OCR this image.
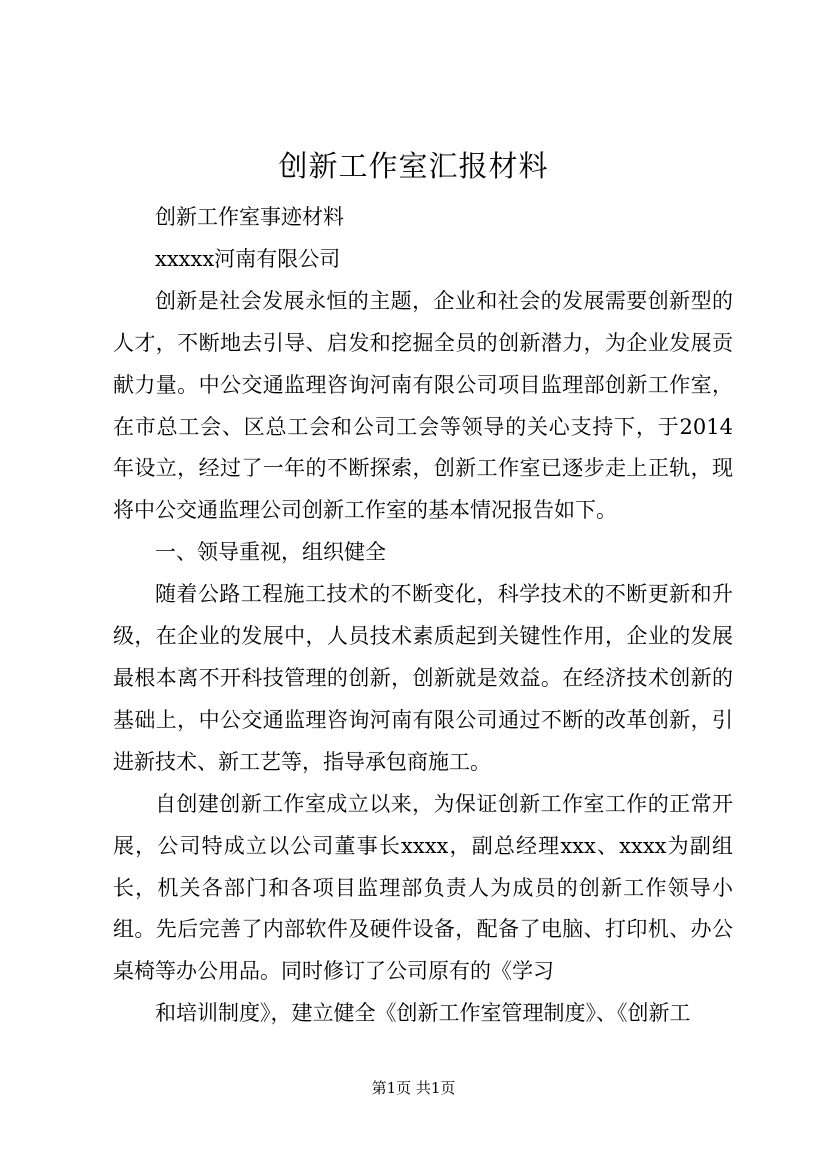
创新工作室汇报材料

创新工作室事迹材料

xxxxx河南有限公司

创新是社会发展永恒的主题，企业和社会的发展需要创新型的人才，不断地去引导、启发和挖掘全员的创新潜力，为企业发展贡献力量。中公交通监理咨询河南有限公司项目监理部创新工作室，在市总工会、区总工会和公司工会等领导的关心支持下，于2014年设立，经过了一年的不断探索，创新工作室已逐步走上正轨，现将中公交通监理公司创新工作室的基本情况报告如下。

一、领导重视，组织健全

随着公路工程施工技术的不断变化，科学技术的不断更新和升级，在企业的发展中，人员技术素质起到关键性作用，企业的发展最根本离不开科技管理的创新，创新就是效益。在经济技术创新的基础上，中公交通监理咨询河南有限公司通过不断的改革创新，引进新技术、新工艺等，指导承包商施工。

自创建创新工作室成立以来，为保证创新工作室工作的正常开展，公司特成立以公司董事长xxxx，副总经理xxx、xxxx为副组长，机关各部门和各项目监理部负责人为成员的创新工作领导小组。先后完善了内部软件及硬件设备，配备了电脑、打印机、办公桌椅等办公用品。同时修订了公司原有的《学习

和培训制度》，建立健全《创新工作室管理制度》、《创新工

第1页 共1页
